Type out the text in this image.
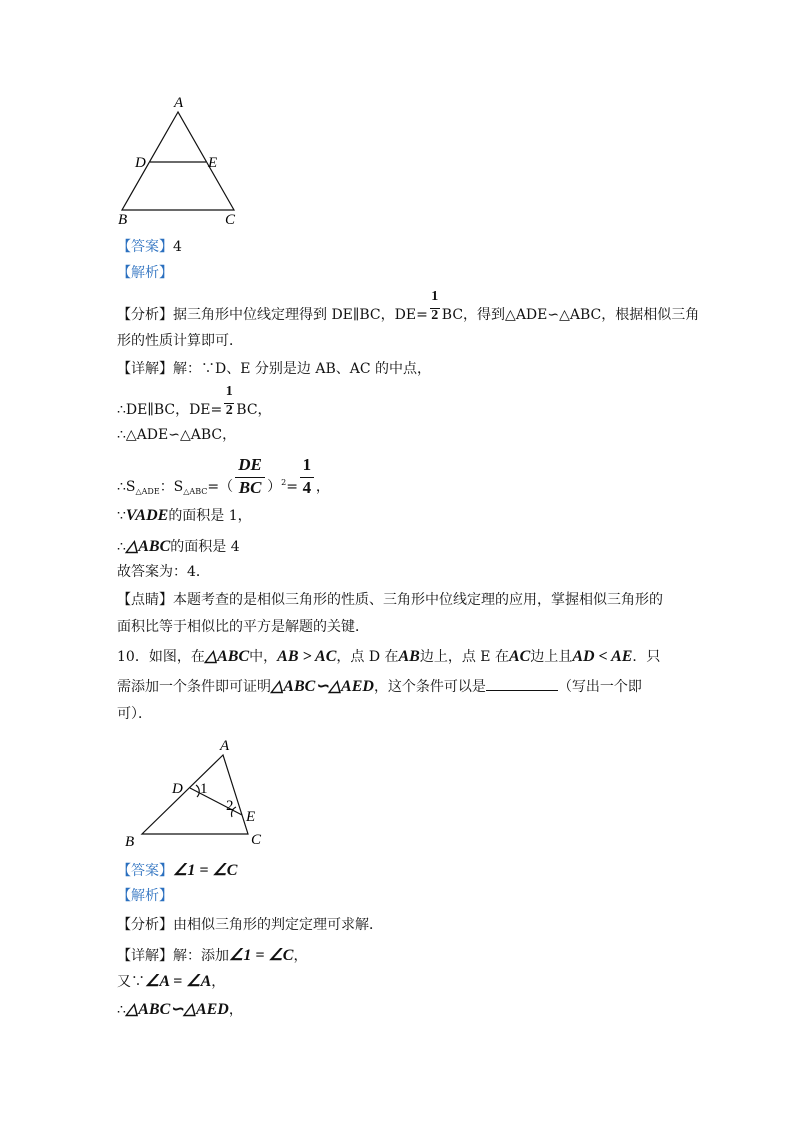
A
D	E
B	C
【答案】4
【解析】
【分析】据三角形中位线定理得到 DE∥BC，$DE= \frac{1}{2}$ BC，得到△ADE∽△ABC，根据相似三角
形的性质计算即可．
【详解】解：∵D、E 分别是边 AB、AC 的中点，
∴DE∥BC，$DE= \frac{1}{2}$ BC，
∴△ADE∽△ABC，
$\therefore S_{\triangle ADE}$：$S_{\triangle ABC}=( \frac{DE}{BC} )^2= \frac{1}{4}$ ，
∵VADE的面积是 1，
∴△ABC的面积是 4
故答案为：4．
【点睛】本题考查的是相似三角形的性质、三角形中位线定理的应用，掌握相似三角形的
面积比等于相似比的平方是解题的关键．
10．如图，在△ABC中，AB > AC，点 D 在AB边上，点 E 在AC边上且AD < AE．只
需添加一个条件即可证明△ABC∽△AED，这个条件可以是	（写出一个即
可）．
A
D 1
2
E
B	C
【答案】∠1 = ∠C
【解析】
【分析】由相似三角形的判定定理可求解．
【详解】解：添加∠1 = ∠C，
又∵∠A = ∠A，
∴△ABC∽△AED，
